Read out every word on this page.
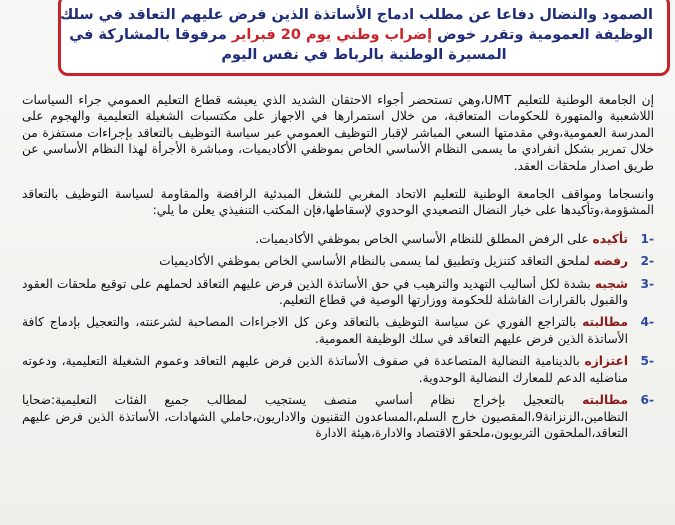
الصمود والنضال دفاعا عن مطلب ادماج الأساتذة الذين فرض عليهم التعاقد في سلك
الوظيفة العمومية وتقرر خوض إضراب وطني يوم 20 فبراير مرفوقا بالمشاركة في
المسيرة الوطنية بالرباط في نفس اليوم

إن الجامعة الوطنية للتعليم UMT،وهي تستحضر أجواء الاحتقان الشديد الذي يعيشه قطاع التعليم العمومي جراء السياسات اللاشعبية والمتهورة للحكومات المتعاقبة، من خلال استمرارها في الاجهاز على مكتسبات الشغيلة التعليمية والهجوم على المدرسة العمومية،وفي مقدمتها السعي المباشر لإقبار التوظيف العمومي عبر سياسة التوظيف بالتعاقد بإجراءات مستفزة من خلال تمرير بشكل انفرادي ما يسمى النظام الأساسي الخاص بموظفي الأكاديميات، ومباشرة الأجرأة لهذا النظام الأساسي عن طريق اصدار ملحقات العقد.

وانسجاما ومواقف الجامعة الوطنية للتعليم الاتحاد المغربي للشغل المبدئية الرافضة والمقاومة لسياسة التوظيف بالتعاقد المشؤومة،وتأكيدها على خيار النضال التصعيدي الوحدوي لإسقاطها،فإن المكتب التنفيذي يعلن ما يلي:

-1
تأكيده على الرفض المطلق للنظام الأساسي الخاص بموظفي الأكاديميات.
-2
رفضه لملحق التعاقد كتنزيل وتطبيق لما يسمى بالنظام الأساسي الخاص بموظفي الأكاديميات
-3
شجبه بشدة لكل أساليب التهديد والترهيب في حق الأساتذة الذين فرض عليهم التعاقد لحملهم على توقيع ملحقات العقود والقبول بالقرارات الفاشلة للحكومة ووزارتها الوصية في قطاع التعليم.
-4
مطالبته بالتراجع الفوري عن سياسة التوظيف بالتعاقد وعن كل الاجراءات المصاحبة لشرعنته، والتعجيل بإدماج كافة الأساتذة الذين فرض عليهم التعاقد في سلك الوظيفة العمومية.
-5
اعتزازه بالدينامية النضالية المتصاعدة في صفوف الأساتذة الذين فرض عليهم التعاقد وعموم الشغيلة التعليمية، ودعوته مناضليه الدعم للمعارك النضالية الوحدوية.
-6
مطالبته بالتعجيل بإخراج نظام أساسي منصف يستجيب لمطالب جميع الفئات التعليمية:ضحايا النظامين،الزنزانة9،المقصيون خارج السلم،المساعدون التقنيون والاداريون،حاملي الشهادات، الأساتذة الذين فرض عليهم التعاقد،الملحقون التربويون،ملحقو الاقتصاد والادارة،هيئة الادارة
